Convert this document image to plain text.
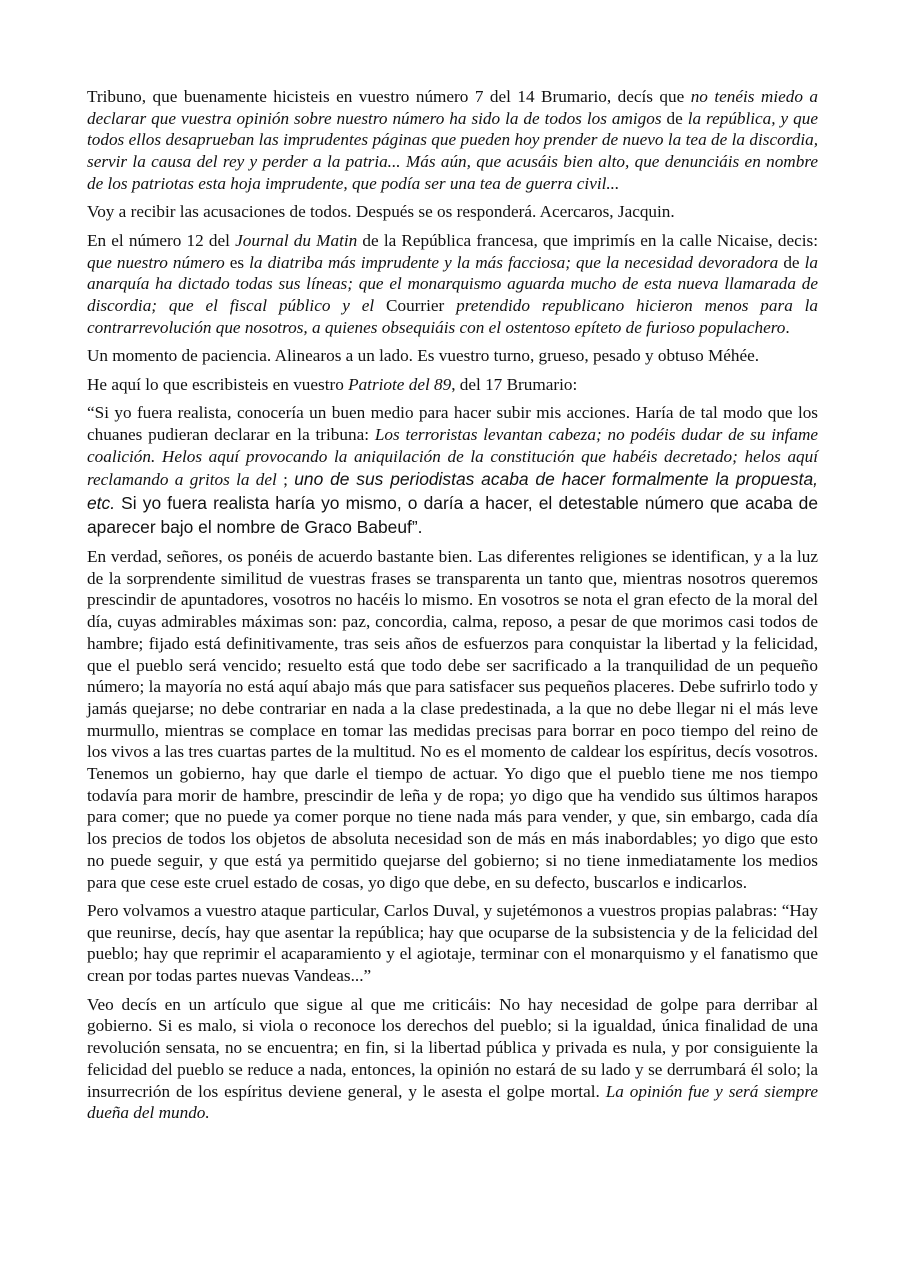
Tribuno, que buenamente hicisteis en vuestro número 7 del 14 Brumario, decís que no tenéis miedo a declarar que vuestra opinión sobre nuestro número ha sido la de todos los amigos de la república, y que todos ellos desaprueban las imprudentes páginas que pueden hoy prender de nuevo la tea de la discordia, servir la causa del rey y perder a la patria... Más aún, que acusáis bien alto, que denunciáis en nombre de los patriotas esta hoja imprudente, que podía ser una tea de guerra civil...

Voy a recibir las acusaciones de todos. Después se os responderá. Acercaros, Jacquin.

En el número 12 del Journal du Matin de la República francesa, que imprimís en la calle Nicaise, decis: que nuestro número es la diatriba más imprudente y la más facciosa; que la necesidad devoradora de la anarquía ha dictado todas sus líneas; que el monarquismo aguarda mucho de esta nueva llamarada de discordia; que el fiscal público y el Courrier pretendido republicano hicieron menos para la contrarrevolución que nosotros, a quienes obsequiáis con el ostentoso epíteto de furioso populachero.

Un momento de paciencia. Alinearos a un lado. Es vuestro turno, grueso, pesado y obtuso Méhée.

He aquí lo que escribisteis en vuestro Patriote del 89, del 17 Brumario:

“Si yo fuera realista, conocería un buen medio para hacer subir mis acciones. Haría de tal modo que los chuanes pudieran declarar en la tribuna: Los terroristas levantan cabeza; no podéis dudar de su infame coalición. Helos aquí provocando la aniquilación de la constitución que habéis decretado; helos aquí reclamando a gritos la del ; uno de sus periodistas acaba de hacer formalmente la propuesta, etc. Si yo fuera realista haría yo mismo, o daría a hacer, el detestable número que acaba de aparecer bajo el nombre de Graco Babeuf”.

En verdad, señores, os ponéis de acuerdo bastante bien. Las diferentes religiones se identifican, y a la luz de la sorprendente similitud de vuestras frases se transparenta un tanto que, mientras nosotros queremos prescindir de apuntadores, vosotros no hacéis lo mismo. En vosotros se nota el gran efecto de la moral del día, cuyas admirables máximas son: paz, concordia, calma, reposo, a pesar de que morimos casi todos de hambre; fijado está definitivamente, tras seis años de esfuerzos para conquistar la libertad y la felicidad, que el pueblo será vencido; resuelto está que todo debe ser sacrificado a la tranquilidad de un pequeño número; la mayoría no está aquí abajo más que para satisfacer sus pequeños placeres. Debe sufrirlo todo y jamás quejarse; no debe contrariar en nada a la clase predestinada, a la que no debe llegar ni el más leve murmullo, mientras se complace en tomar las medidas precisas para borrar en poco tiempo del reino de los vivos a las tres cuartas partes de la multitud. No es el momento de caldear los espíritus, decís vosotros. Tenemos un gobierno, hay que darle el tiempo de actuar. Yo digo que el pueblo tiene me nos tiempo todavía para morir de hambre, prescindir de leña y de ropa; yo digo que ha vendido sus últimos harapos para comer; que no puede ya comer porque no tiene nada más para vender, y que, sin embargo, cada día los precios de todos los objetos de absoluta necesidad son de más en más inabordables; yo digo que esto no puede seguir, y que está ya permitido quejarse del gobierno; si no tiene inmediatamente los medios para que cese este cruel estado de cosas, yo digo que debe, en su defecto, buscarlos e indicarlos.

Pero volvamos a vuestro ataque particular, Carlos Duval, y sujetémonos a vuestros propias palabras: “Hay que reunirse, decís, hay que asentar la república; hay que ocuparse de la subsistencia y de la felicidad del pueblo; hay que reprimir el acaparamiento y el agiotaje, terminar con el monarquismo y el fanatismo que crean por todas partes nuevas Vandeas...”

Veo decís en un artículo que sigue al que me criticáis: No hay necesidad de golpe para derribar al gobierno. Si es malo, si viola o reconoce los derechos del pueblo; si la igualdad, única finalidad de una revolución sensata, no se encuentra; en fin, si la libertad pública y privada es nula, y por consiguiente la felicidad del pueblo se reduce a nada, entonces, la opinión no estará de su lado y se derrumbará él solo; la insurrecrión de los espíritus deviene general, y le asesta el golpe mortal. La opinión fue y será siempre dueña del mundo.
